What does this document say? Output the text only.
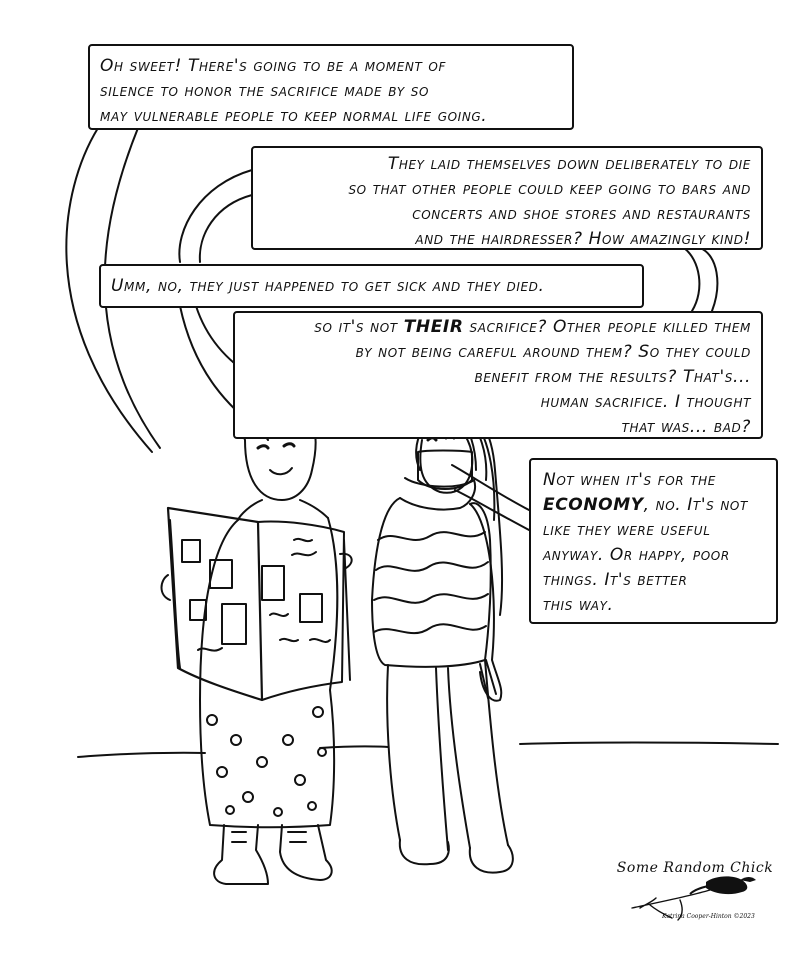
Oh sweet! There's going to be a moment of
silence to honor the sacrifice made by so
may vulnerable people to keep normal life going.
They laid themselves down deliberately to die
so that other people could keep going to bars and
concerts and shoe stores and restaurants
and the hairdresser? How amazingly kind!
Umm, no, they just happened to get sick and they died.
so it's not THEIR sacrifice? Other people killed them
by not being careful around them? So they could
benefit from the results? That's...
human sacrifice. I thought
that was... bad?
Not when it's for the
ECONOMY, no. It's not
like they were useful
anyway. Or happy, poor
things. It's better
this way.
Some Random Chick
Katrina Cooper-Hinton ©2023
